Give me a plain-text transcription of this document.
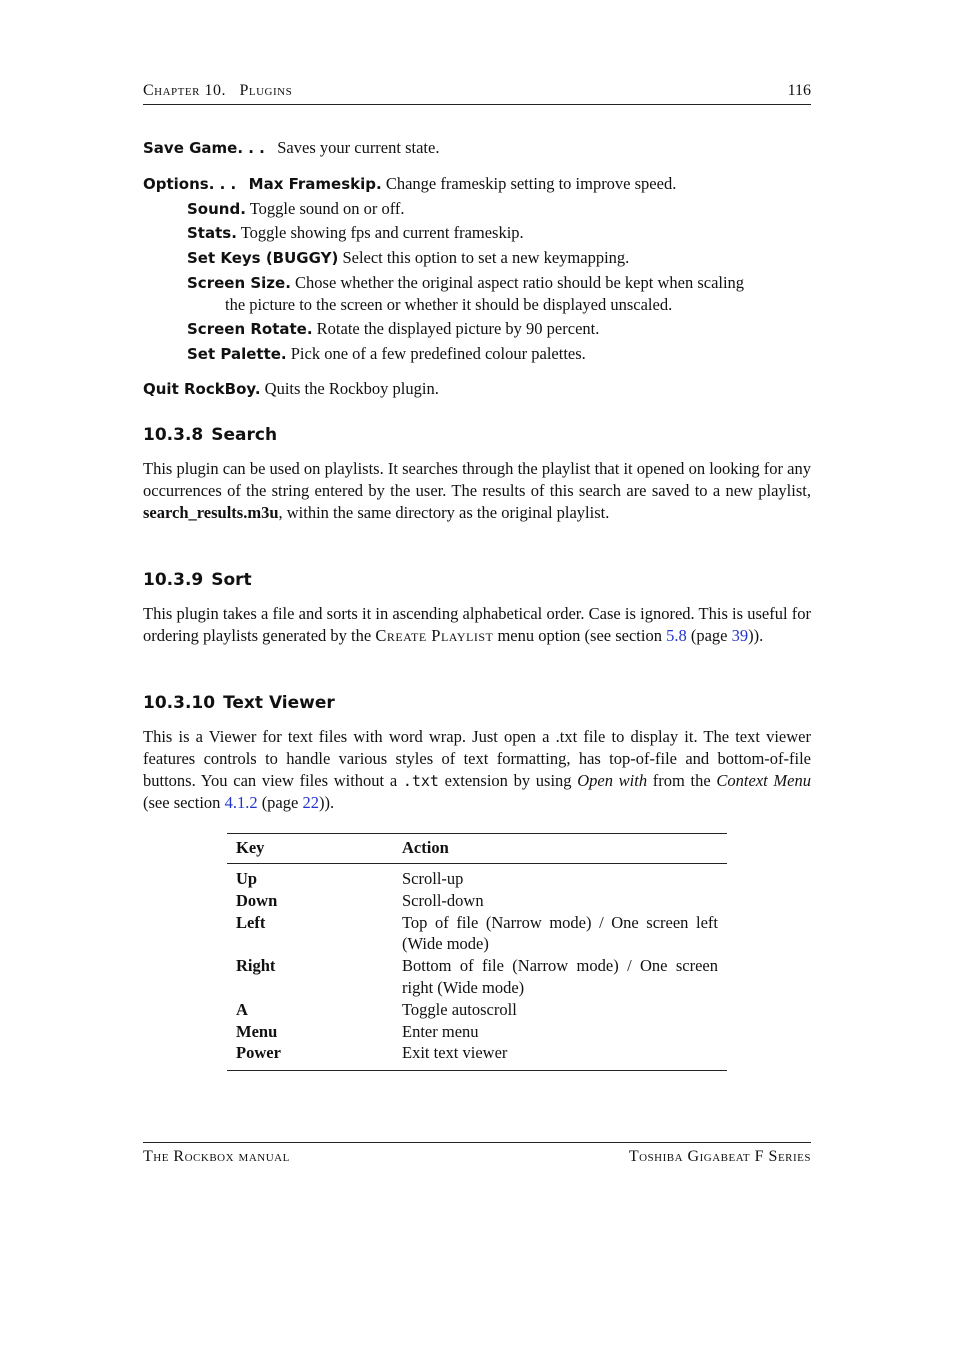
Chapter 10. Plugins	116
Save Game. . . Saves your current state.
Options. . . Max Frameskip. Change frameskip setting to improve speed.
Sound. Toggle sound on or off.
Stats. Toggle showing fps and current frameskip.
Set Keys (BUGGY) Select this option to set a new keymapping.
Screen Size. Chose whether the original aspect ratio should be kept when scaling
the picture to the screen or whether it should be displayed unscaled.
Screen Rotate. Rotate the displayed picture by 90 percent.
Set Palette. Pick one of a few predefined colour palettes.
Quit RockBoy. Quits the Rockboy plugin.
10.3.8 Search
This plugin can be used on playlists. It searches through the playlist that it opened on looking for any occurrences of the string entered by the user. The results of this search are saved to a new playlist, search_results.m3u, within the same directory as the original playlist.
10.3.9 Sort
This plugin takes a file and sorts it in ascending alphabetical order. Case is ignored. This is useful for ordering playlists generated by the Create Playlist menu option (see section 5.8 (page 39)).
10.3.10 Text Viewer
This is a Viewer for text files with word wrap. Just open a .txt file to display it. The text viewer features controls to handle various styles of text formatting, has top-of-file and bottom-of-file buttons. You can view files without a .txt extension by using Open with from the Context Menu (see section 4.1.2 (page 22)).
Key	Action
Up	Scroll-up
Down	Scroll-down
Left	Top of file (Narrow mode) / One screen left (Wide mode)
Right	Bottom of file (Narrow mode) / One screen right (Wide mode)
A	Toggle autoscroll
Menu	Enter menu
Power	Exit text viewer
The Rockbox manual	Toshiba Gigabeat F Series
